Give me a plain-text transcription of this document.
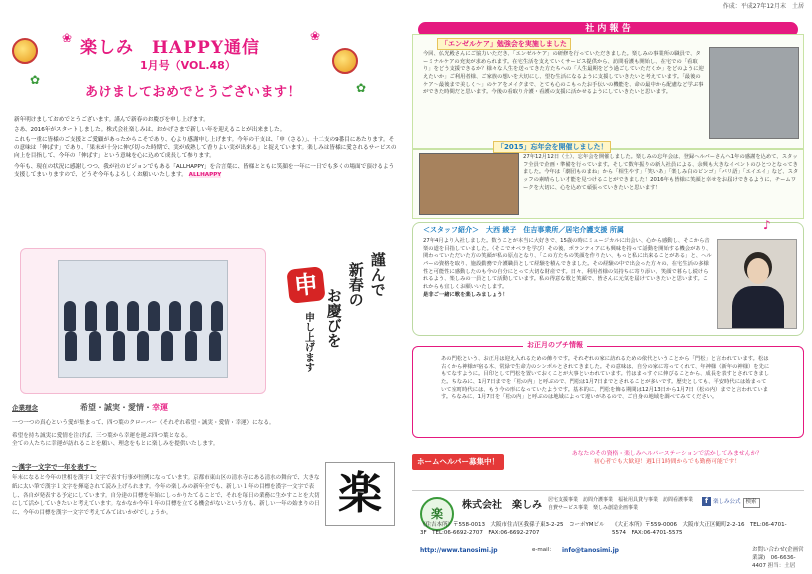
作成：平成27年12月末　土居
✿
✿
❀	❀
楽しみ　HAPPY通信
1月号（VOL.48）
あけましておめでとうございます！

新年明けましておめでとうございます。謹んで新春のお慶びを申し上げます。

さあ、2016年がスタートしました。株式会社楽しみは、おかげさまで新しい年を迎えることが出来ました。

これも一重に皆様のご支援とご愛顧があったからこそであり、心より感謝申し上げます。今年の干支は、「申（さる）」、十二支の9番目にあたります。その意味は「伸ばす」であり、「果末が十分に伸び切った時期で、実が成熟して香りよい実が出来る」と捉えています。楽しみは皆様に愛されるサービスの向上を目指して、今年の「伸ばす」という意味を心に込めて成長して参ります。

今年も、現在の状況に感謝しつつ、我が社のビジョンでもある「ALLHAPPY」を合言葉に、皆様とともに笑顔を一年に一日でも多くの場面で頂けるよう支援してまいりますので、どうぞ今年もよろしくお願いいたします。 ALLHAPPY

申	謹んで
新春の
お慶びを
申し上げます
企業理念	希望・誠実・愛情・幸運

一つ一つの真心という愛が集まって、四つ葉のクローバー（それぞれ希望・誠実・愛情・幸運）になる。

希望を持ち誠実に愛情を注げば、三つ葉から幸運を運ぶ四つ葉となる。

全ての人たちに幸運が訪れることを願い、理念をもとに楽しみを提供いたします。

〜漢字一文字で一年を表す〜
年末になると今年の世相を漢字１文字で表す行事が恒例になっています。京都市東山区の清水寺にある清水の舞台で、大きな紙に太い筆で漢字１文字を揮毫されて読み上げられます。今年の楽しみの新年全でも、新しい１年の目標を漢字一文字で表し、各自が発表する予定にしています。自分達の目標を年始にしっかりたてることで、それを毎日の業務に生かすことを大切にして活かしていきたいと考えています。なかなか今年１年の目標を立てる機会がないという方も、新しい一年の始まりの日に、今年の目標を漢字一文字で考えてみてはいかがでしょうか。	楽
社 内 報 告
「エンゼルケア」勉強会を実施しました
今回、仏光殿さんにご協力いただき、「エンゼルケア」の研修を行っていただきました。楽しみの事業所の職員で、ターミナルケアの充実が求められます。在宅生活を支えていくサービス提供から、訪問看護も開始し、在宅での「看取り」をどう支援できるか？様々な人生を送ってきた方たちへの「人生最期をどう過ごしていただくか」をどのように迎えたいか」ご利用者様、ご家族の想いを大切にし、望む生活になるように支援していきたいと考えています。「最後のケア〜最後まで美しく〜」のケアをメイクまで、とても心のこもったお手伝いの機能を、命の最中から配慮など学ぶ事ができた時間だと思います。今後の看取り介護・看護の支援に活かせるようにしていきたいと思います。
「2015」忘年会を開催しました！
27年12月12日（土）、忘年会を開催しました。楽しみの忘年会は、登録ヘルパーさんへ1年の感謝を込めて、スタッフ全員で企画・準備を行っています。そして数年振りの新人社員による、余興も大きなイベントのひとつとなってきました。今年は「劇団ものまね」から「相生やす」「笑いあ」「楽しみ白のビンゴ」「バリ語」「エイエイ」など、スタッフの素晴らしい才能を見つけることができました！2016年も皆様に笑顔と幸せをお届けできるように、チームワークを大切に、心を込めて頑張っていきたいと思います！
＜スタッフ紹介＞　大西 綾子　住吉事業所／居宅介護支援 所属
27年4月より入社しました。数うことが本当に大好きで、15歳の時にミュージカルに出会い、心から感動し、そこから音楽の道を目指していました。（そこでオペラを学び）その後、ポランティアにも興味を持って話動を開始する機会があり、関わっていただいた方の笑顔が私の原点となり、「この方たちの笑顔を作りたい、もっと私に出来ることがある」と、ヘルパーの資格を取り、施設勤務で介護職員として経験を積んできました。その経験の中で出会った方々の、在宅生活の多様性と可能性に感動したのも今の自分にとって大切な財産です。日々、利用者様の気持ちに寄り添い、笑顔で暮らし続けられるよう、楽しみの一員として活動しています。私の得意な歌と笑顔で、皆さんに元気を届けていきたいと思います。これからも宜しくお願いいたします。
是非ご一緒に歌を楽しみましょう！
♪
お正月のプチ情報
あの門松という、お正月は迎え入れるための飾りです。それぞれの家に訪れるための依代ということから「門松」と言われています。松は古くから神様が宿る木、常緑で生命力のシンボルとされてきました。その意味は、自分の家に寄ってくれて、年神様（新年の神様）を先にもてなすように。目印として門松を置いておくことが大事といわれています。竹はまっすぐに伸びることから、成長を表すとされてきました。ちなみに、1月7日までを「松の内」と呼ぶので、門松は1月7日までとされることが多いです。歴史としても、平安時代には始まっていて室町時代には、もう今の形になっていたようです。基本的に、門松を飾る期間は12月13日から1月7日（松の内）までと言われています。ちなみに、1月7日を「松の内」と呼ぶのは地域によって違いがあるので、ご自身の地域を調べてみてください。
ホームヘルパー募集中！

あなたのその資格・楽しみヘルパーステーションで活かしてみませんか？

初心者でも大歓迎！週1日1時間からでも勤務可能です！

楽
株式会社　楽しみ 居宅支援事業　訪問介護事業　福祉用具貸与事業　訪問看護事業　自費サービス事業　楽しみ創造企画事業
f 楽しみ公式 検索
《住吉本所》〒558-0013　大阪市住吉区我孫子東3-2-25　コーポYMビル3F　TEL:06-6692-2707　FAX:06-6692-2707
《大正本所》〒559-0006　大阪市大正区鶴町2-2-16　TEL:06-4701-5574　FAX:06-4701-5575
http://www.tanosimi.jp	e-mail： info@tanosimi.jp	お問い合わせ(企画営業課)　06-6636-4407 担当：土居
